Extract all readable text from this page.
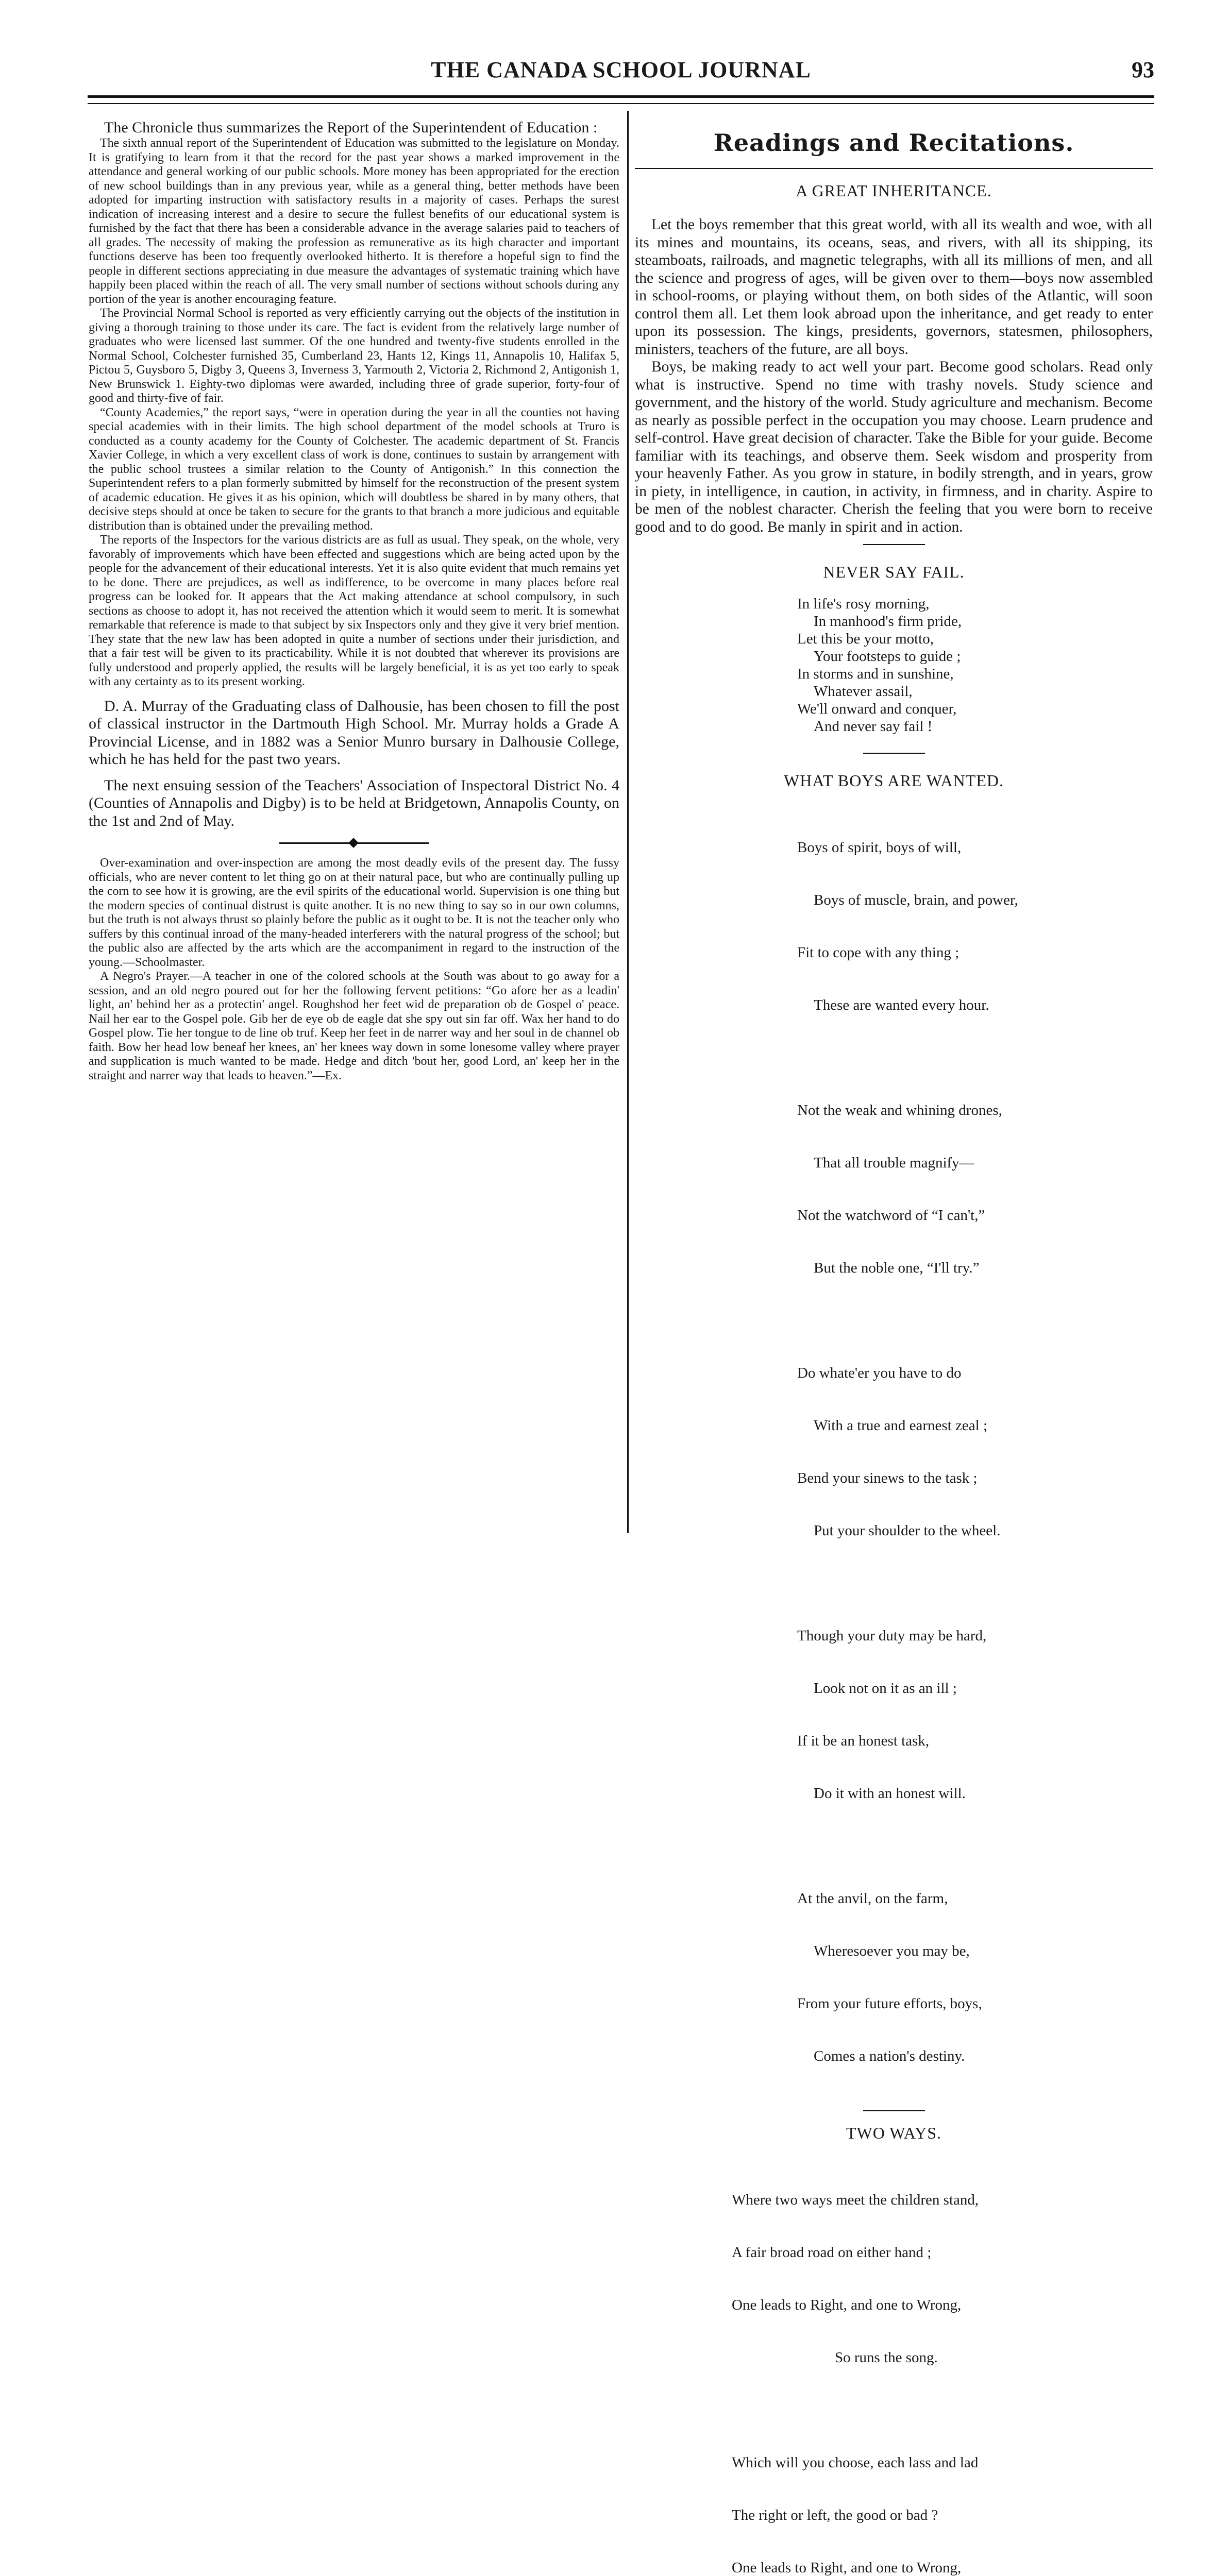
THE CANADA SCHOOL JOURNAL	93

The Chronicle thus summarizes the Report of the Superintendent of Education :

The sixth annual report of the Superintendent of Education was submitted to the legislature on Monday. It is gratifying to learn from it that the record for the past year shows a marked improvement in the attendance and general working of our public schools. More money has been appropriated for the erection of new school buildings than in any previous year, while as a general thing, better methods have been adopted for imparting instruction with satisfactory results in a majority of cases. Perhaps the surest indication of increasing interest and a desire to secure the fullest benefits of our educational system is furnished by the fact that there has been a considerable advance in the average salaries paid to teachers of all grades. The necessity of making the profession as remunerative as its high character and important functions deserve has been too frequently overlooked hitherto. It is therefore a hopeful sign to find the people in different sections appreciating in due measure the advantages of systematic training which have happily been placed within the reach of all. The very small number of sections without schools during any portion of the year is another encouraging feature.

The Provincial Normal School is reported as very efficiently carrying out the objects of the institution in giving a thorough training to those under its care. The fact is evident from the relatively large number of graduates who were licensed last summer. Of the one hundred and twenty-five students enrolled in the Normal School, Colchester furnished 35, Cumberland 23, Hants 12, Kings 11, Annapolis 10, Halifax 5, Pictou 5, Guysboro 5, Digby 3, Queens 3, Inverness 3, Yarmouth 2, Victoria 2, Richmond 2, Antigonish 1, New Brunswick 1. Eighty-two diplomas were awarded, including three of grade superior, forty-four of good and thirty-five of fair.

“County Academies,” the report says, “were in operation during the year in all the counties not having special academies with in their limits. The high school department of the model schools at Truro is conducted as a county academy for the County of Colchester. The academic department of St. Francis Xavier College, in which a very excellent class of work is done, continues to sustain by arrangement with the public school trustees a similar relation to the County of Antigonish.” In this connection the Superintendent refers to a plan formerly submitted by himself for the reconstruction of the present system of academic education. He gives it as his opinion, which will doubtless be shared in by many others, that decisive steps should at once be taken to secure for the grants to that branch a more judicious and equitable distribution than is obtained under the prevailing method.

The reports of the Inspectors for the various districts are as full as usual. They speak, on the whole, very favorably of improvements which have been effected and suggestions which are being acted upon by the people for the advancement of their educational interests. Yet it is also quite evident that much remains yet to be done. There are prejudices, as well as indifference, to be overcome in many places before real progress can be looked for. It appears that the Act making attendance at school compulsory, in such sections as choose to adopt it, has not received the attention which it would seem to merit. It is somewhat remarkable that reference is made to that subject by six Inspectors only and they give it very brief mention. They state that the new law has been adopted in quite a number of sections under their jurisdiction, and that a fair test will be given to its practicability. While it is not doubted that wherever its provisions are fully understood and properly applied, the results will be largely beneficial, it is as yet too early to speak with any certainty as to its present working.

D. A. Murray of the Graduating class of Dalhousie, has been chosen to fill the post of classical instructor in the Dartmouth High School. Mr. Murray holds a Grade A Provincial License, and in 1882 was a Senior Munro bursary in Dalhousie College, which he has held for the past two years.

The next ensuing session of the Teachers' Association of Inspectoral District No. 4 (Counties of Annapolis and Digby) is to be held at Bridgetown, Annapolis County, on the 1st and 2nd of May.

Over-examination and over-inspection are among the most deadly evils of the present day. The fussy officials, who are never content to let thing go on at their natural pace, but who are continually pulling up the corn to see how it is growing, are the evil spirits of the educational world. Supervision is one thing but the modern species of continual distrust is quite another. It is no new thing to say so in our own columns, but the truth is not always thrust so plainly before the public as it ought to be. It is not the teacher only who suffers by this continual inroad of the many-headed interferers with the natural progress of the school; but the public also are affected by the arts which are the accompaniment in regard to the instruction of the young.—Schoolmaster.

A Negro's Prayer.—A teacher in one of the colored schools at the South was about to go away for a session, and an old negro poured out for her the following fervent petitions: “Go afore her as a leadin' light, an' behind her as a protectin' angel. Roughshod her feet wid de preparation ob de Gospel o' peace. Nail her ear to the Gospel pole. Gib her de eye ob de eagle dat she spy out sin far off. Wax her hand to do Gospel plow. Tie her tongue to de line ob truf. Keep her feet in de narrer way and her soul in de channel ob faith. Bow her head low beneaf her knees, an' her knees way down in some lonesome valley where prayer and supplication is much wanted to be made. Hedge and ditch 'bout her, good Lord, an' keep her in the straight and narrer way that leads to heaven.”—Ex.

Readings and Recitations.
A GREAT INHERITANCE.

Let the boys remember that this great world, with all its wealth and woe, with all its mines and mountains, its oceans, seas, and rivers, with all its shipping, its steamboats, railroads, and magnetic telegraphs, with all its millions of men, and all the science and progress of ages, will be given over to them—boys now assembled in school-rooms, or playing without them, on both sides of the Atlantic, will soon control them all. Let them look abroad upon the inheritance, and get ready to enter upon its possession. The kings, presidents, governors, statesmen, philosophers, ministers, teachers of the future, are all boys.

Boys, be making ready to act well your part. Become good scholars. Read only what is instructive. Spend no time with trashy novels. Study science and government, and the history of the world. Study agriculture and mechanism. Become as nearly as possible perfect in the occupation you may choose. Learn prudence and self-control. Have great decision of character. Take the Bible for your guide. Become familiar with its teachings, and observe them. Seek wisdom and prosperity from your heavenly Father. As you grow in stature, in bodily strength, and in years, grow in piety, in intelligence, in caution, in activity, in firmness, and in charity. Aspire to be men of the noblest character. Cherish the feeling that you were born to receive good and to do good. Be manly in spirit and in action.

NEVER SAY FAIL.
In life's rosy morning,
In manhood's firm pride,
Let this be your motto,
Your footsteps to guide ;
In storms and in sunshine,
Whatever assail,
We'll onward and conquer,
And never say fail !
WHAT BOYS ARE WANTED.

Boys of spirit, boys of will,

Boys of muscle, brain, and power,

Fit to cope with any thing ;

These are wanted every hour.

Not the weak and whining drones,

That all trouble magnify—

Not the watchword of “I can't,”

But the noble one, “I'll try.”

Do whate'er you have to do

With a true and earnest zeal ;

Bend your sinews to the task ;

Put your shoulder to the wheel.

Though your duty may be hard,

Look not on it as an ill ;

If it be an honest task,

Do it with an honest will.

At the anvil, on the farm,

Wheresoever you may be,

From your future efforts, boys,

Comes a nation's destiny.

TWO WAYS.

Where two ways meet the children stand,

A fair broad road on either hand ;

One leads to Right, and one to Wrong,

So runs the song.

Which will you choose, each lass and lad

The right or left, the good or bad ?

One leads to Right, and one to Wrong,
